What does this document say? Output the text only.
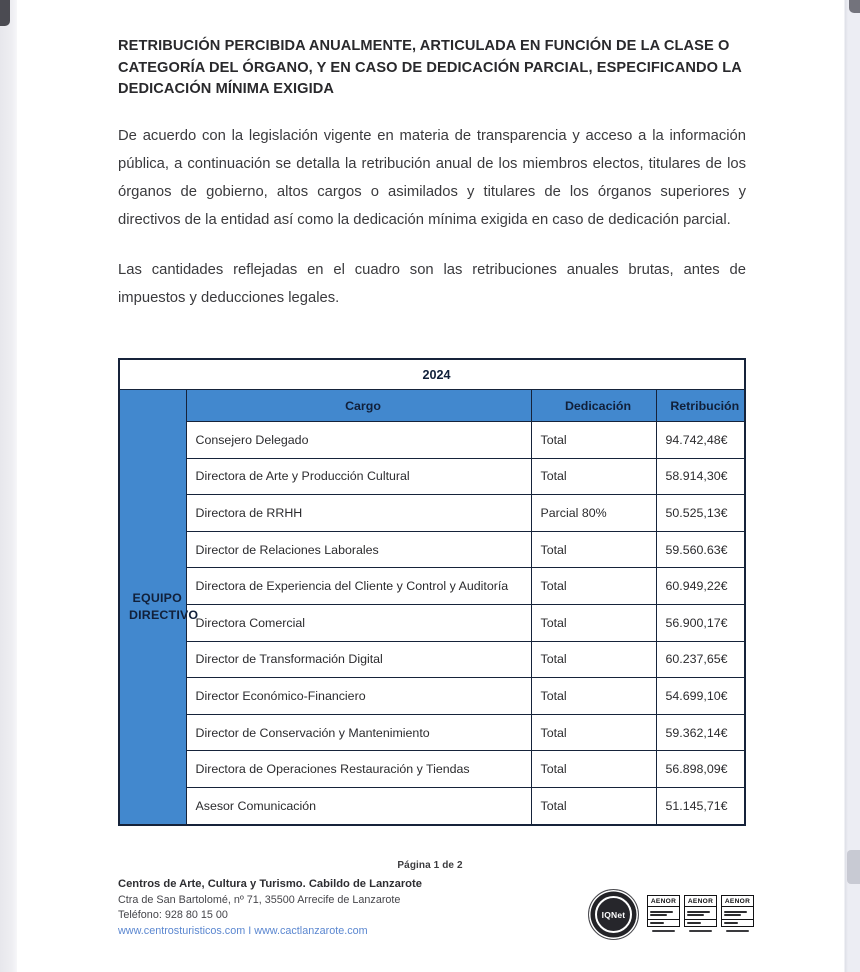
RETRIBUCIÓN PERCIBIDA ANUALMENTE, ARTICULADA EN FUNCIÓN DE LA CLASE O CATEGORÍA DEL ÓRGANO, Y EN CASO DE DEDICACIÓN PARCIAL, ESPECIFICANDO LA DEDICACIÓN MÍNIMA EXIGIDA
De acuerdo con la legislación vigente en materia de transparencia y acceso a la información pública, a continuación se detalla la retribución anual de los miembros electos, titulares de los órganos de gobierno, altos cargos o asimilados y titulares de los órganos superiores y directivos de la entidad así como la dedicación mínima exigida en caso de dedicación parcial.
Las cantidades reflejadas en el cuadro son las retribuciones anuales brutas, antes de impuestos y deducciones legales.
2024			
EQUIPO DIRECTIVO	Cargo	Dedicación	Retribución
	Consejero Delegado	Total	94.742,48€
	Directora de Arte y Producción Cultural	Total	58.914,30€
	Directora de RRHH	Parcial 80%	50.525,13€
	Director de Relaciones Laborales	Total	59.560.63€
	Directora de Experiencia del Cliente y Control y Auditoría	Total	60.949,22€
	Directora Comercial	Total	56.900,17€
	Director de Transformación Digital	Total	60.237,65€
	Director Económico-Financiero	Total	54.699,10€
	Director de Conservación y Mantenimiento	Total	59.362,14€
	Directora de Operaciones Restauración y Tiendas	Total	56.898,09€
	Asesor Comunicación	Total	51.145,71€
Página 1 de 2
Centros de Arte, Cultura y Turismo. Cabildo de Lanzarote
Ctra de San Bartolomé, nº 71, 35500 Arrecife de Lanzarote
Teléfono: 928 80 15 00
www.centrosturisticos.com I www.cactlanzarote.com
IQNet
AENOR	AENOR	AENOR
